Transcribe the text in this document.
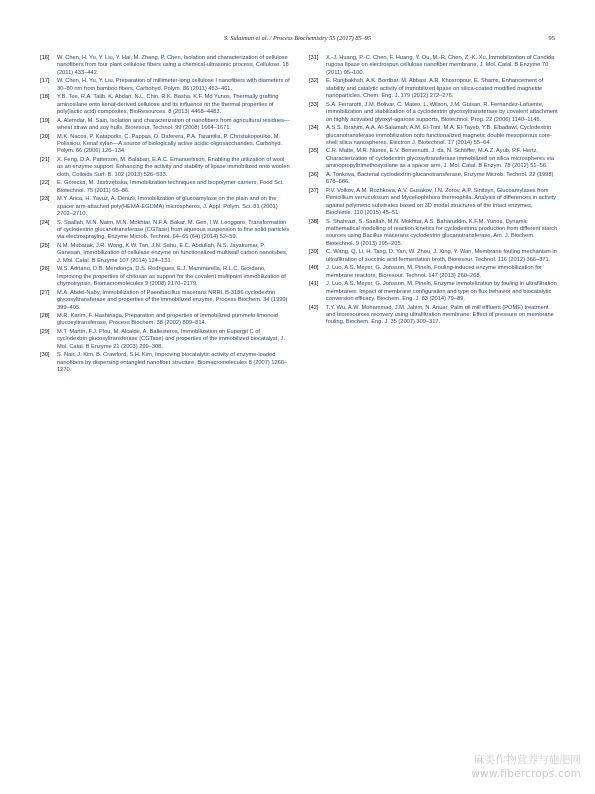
S. Sulaiman et al. / Process Biochemistry 55 (2017) 85–95	95
[16]	W. Chen, H. Yu, Y. Liu, Y. Hai, M. Zhang, P. Chen, Isolation and characterization of cellulose nanofibers from four plant cellulose fibers using a chemical-ultrasonic process, Cellulose. 18 (2011) 433–442.
[17]	W. Chen, H. Yu, Y. Liu, Preparation of millimeter-long cellulose I nanofibers with diameters of 30–80 nm from bamboo fibers, Carbohyd. Polym. 86 (2011) 453–461.
[18]	Y.B. Tee, R.A. Talib, K. Abdan, N.L. Chin, R.K. Basha, K.F. Md Yunos, Thermally grafting aminosilane onto kenaf-derived cellulose and its influence on the thermal properties of poly(lactic acid) composites, BioResources. 8 (2013) 4468–4483.
[19]	A. Alemdar, M. Sain, Isolation and characterization of nanofibers from agricultural residues—wheat straw and soy hulls, Bioresour. Technol. 99 (2008) 1664–1671.
[20]	M.K. Nacos, P. Katapodis, C. Pappas, D. Daferera, P.A. Tarantilis, P. Christakopoulos, M. Polissiou, Kenaf xylan—A source of biologically active acidic oligosaccharides, Carbohyd. Polym. 66 (2006) 126–134.
[21]	X. Feng, D.A. Patterson, M. Balaban, E.A.C. Emanuelsson, Enabling the utilization of wool as an enzyme support: Enhancing the activity and stability of lipase immobilized onto woolen cloth, Colloids Surf. B. 102 (2013) 526–533.
[22]	E. Górecka, M. Jastrzębska, Immobilization techniques and biopolymer carriers, Food Sci. Biotechnol. 75 (2011) 65–86.
[23]	M.Y. Arica, H. Yavuz, A. Denizli, Immobilization of glucoamylase on the plain and on the spacer arm-attached poly(HEMA-EGDMA) microspheres, J. Appl. Polym. Sci. 81 (2001) 2702–2710.
[24]	S. Saallah, M.N. Naim, M.N. Mokhtar, N.F.A. Bakar, M. Gen, I.W. Lenggoro, Transformation of cyclodextrin glucanotransferase (CGTase) from aqueous suspension to fine solid particles via electrospraying, Enzyme Microb. Technol. 64–65 (64) (2014) 52–59.
[25]	N.M. Mubarak, J.R. Wong, K.W. Tan, J.N. Sahu, E.C. Abdullah, N.S. Jayakumar, P. Ganesan, Immobilization of cellulase enzyme on functionalized multiwall carbon nanotubes, J. Mol. Catal. B Enzyme 107 (2014) 124–131.
[26]	W.S. Adriano, D.B. Mendonça, D.S. Rodrigues, E.J. Mammarella, R.L.C. Giordano, Improving the properties of chitosan as support for the covalent multipoint immobilization of chymotrypsin, Biomacromolecules 9 (2008) 2170–2179.
[27]	M.A. Abdel-Naby, Immobilization of Paenibacillus macerans NRRL B-3186 cyclodextrin glycosyltransferase and properties of the immobilized enzyme, Process Biochem. 34 (1999) 399–405.
[28]	M.R. Karim, F. Hashinaga, Preparation and properties of immobilized pummelo limonoid glucosyltransferase, Process Biochem. 38 (2002) 809–814.
[29]	M.T. Martín, F.J. Plou, M. Alcalde, A. Ballesteros, Immobilization on Eupergit C of cyclodextrin glucosyltransferase (CGTase) and properties of the immobilized biocatalyst, J. Mol. Catal. B Enzyme 21 (2003) 299–308.
[30]	S. Nair, J. Kim, B. Crawford, S.H. Kim, Improving biocatalytic activity of enzyme-loaded nanofibers by dispersing entangled nanofiber structure, Biomacromolecules 8 (2007) 1266–1270.
[31]	X.-J. Huang, P.-C. Chen, F. Huang, Y. Ou, M.-R. Chen, Z.-K. Xu, Immobilization of Candida rugosa lipase on electrospun cellulose nanofiber membrane, J. Mol. Catal. B Enzyme 70 (2011) 95–100.
[32]	E. Ranjbakhsh, A.K. Bordbar, M. Abbasi, A.R. Khosropour, E. Shams, Enhancement of stability and catalytic activity of immobilized lipase on silica-coated modified magnetite nanoparticles, Chem. Eng. J. 179 (2012) 272–276.
[33]	S.A. Ferrarotti, J.M. Bolivar, C. Mateo, L. Wilson, J.M. Guisan, R. Fernandez-Lafuente, Immobilization and stabilization of a cyclodextrin glycosyltransferase by covalent attachment on highly activated glyoxyl-agarose supports, Biotechnol. Prog. 22 (2006) 1140–1145.
[34]	A.S.S. Ibrahim, A.A. Al-Salamah, A.M. El-Toni, M.A. El-Tayeb, Y.B. Elbadawi, Cyclodextrin glucanotransferase immobilization onto functionalized magnetic double mesoporous core-shell silica nanospheres, Electron J. Biotechnol. 17 (2014) 55–64.
[35]	C.R. Matte, M.R. Nunes, E.V. Benvenutti, J. da, N. Schöffer, M.A.Z. Ayub, P.F. Hertz, Characterization of cyclodextrin glycosyltransferase immobilized on silica microspheres via aminopropyltrimethoxysilane as a spacer arm, J. Mol. Catal. B Enzym. 78 (2012) 51–56.
[36]	A. Tonkova, Bacterial cyclodextrin glucanotransferase, Enzyme Microb. Technol. 22 (1998) 678–686.
[37]	P.V. Volkov, A.M. Rozhkova, A.V. Gusakov, I.N. Zorov, A.P. Sinitsyn, Glucoamylases from Penicillium verruculosum and Myceliophthora thermophila: Analysis of differences in activity against polymeric substrates based on 3D model structures of the intact enzymes, Biochimie. 110 (2015) 45–51.
[38]	S. Shahrazi, S. Saallah, M.N. Mokhtar, A.S. Baharuddin, K.F.M. Yunos, Dynamic mathematical modelling of reaction kinetics for cyclodextrins production from different starch sources using Bacillus macerans cyclodextrin glucanotransferase, Am. J. Biochem. Biotechnol. 9 (2013) 195–205.
[39]	C. Wang, Q. Li, H. Tang, D. Yan, W. Zhou, J. Xing, Y. Wan, Membrane fouling mechanism in ultrafiltration of succinic acid fermentation broth, Bioresour. Technol. 116 (2012) 366–371.
[40]	J. Luo, A.S. Meyer, G. Jonsson, M. Pinelo, Fouling-induced enzyme immobilization for membrane reactors, Bioresour. Technol. 147 (2013) 260–268.
[41]	J. Luo, A.S. Meyer, G. Jonsson, M. Pinelo, Enzyme immobilization by fouling in ultrafiltration membranes: Impact of membrane configuration and type on flux behavior and biocatalytic conversion efficacy, Biochem. Eng. J. 83 (2014) 79–89.
[42]	T.Y. Wu, A.W. Mohammad, J.M. Jahim, N. Anuar, Palm oil mill effluent (POME) treatment and bioresources recovery using ultrafiltration membrane: Effect of pressure on membrane fouling, Biochem. Eng. J. 35 (2007) 309–317.
麻类作物营养与施肥网
www.fibercrops.com
